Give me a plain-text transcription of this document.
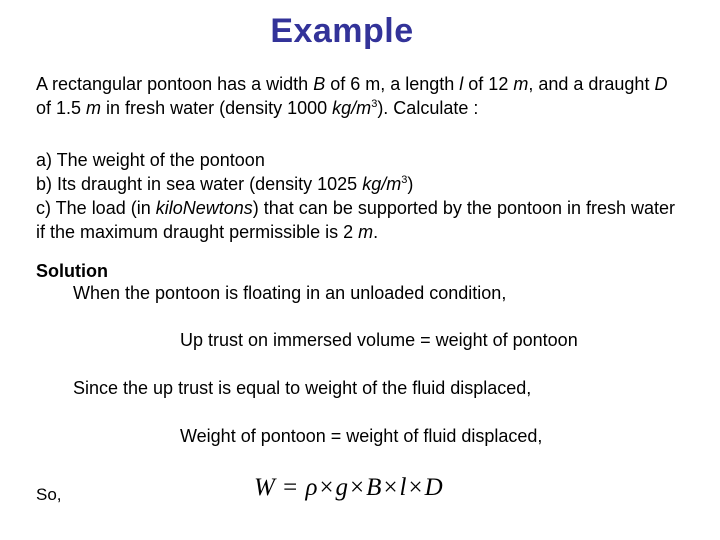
Example
A rectangular pontoon has a width B of 6 m, a length l of 12 m, and a draught D of 1.5 m in fresh water (density 1000 $kg/m^3$). Calculate :
a) The weight of the pontoon
b) Its draught in sea water (density 1025 $kg/m^3$)
c) The load (in kiloNewtons) that can be supported by the pontoon in fresh water if the maximum draught permissible is 2 m.
Solution
When the pontoon is floating in an unloaded condition,
Up trust on immersed volume = weight of pontoon
Since the up trust is equal to weight of the fluid displaced,
Weight of pontoon = weight of fluid displaced,
So,	W = ρ×g×B×l×D
